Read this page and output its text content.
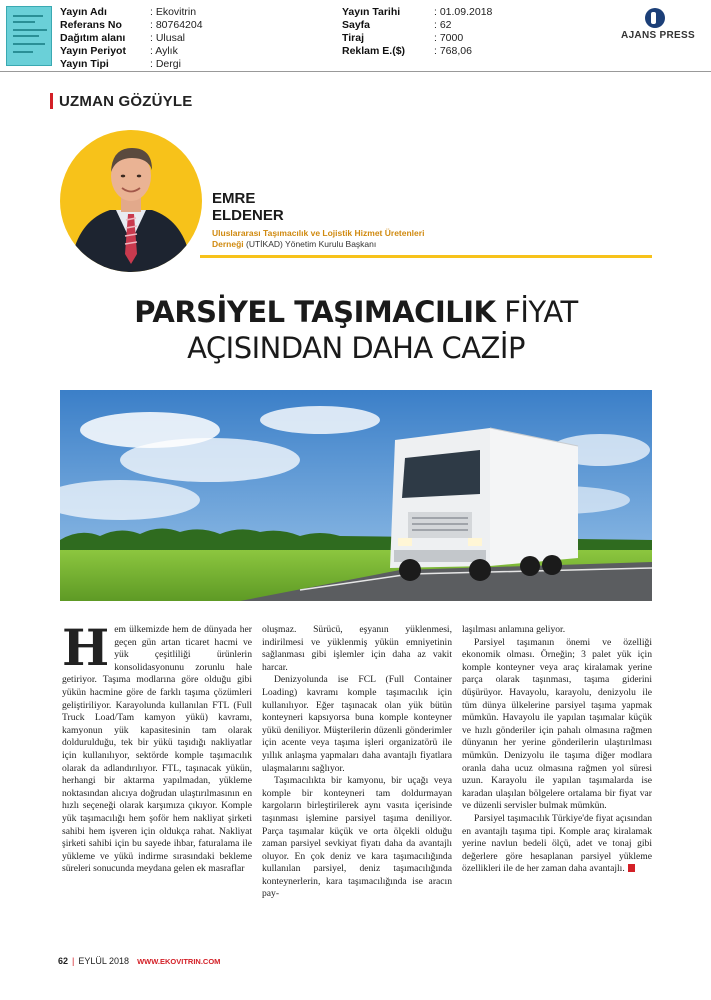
Yayın Adı	: Ekovitrin
Referans No	: 80764204
Dağıtım alanı	: Ulusal
Yayın Periyot	: Aylık
Yayın Tipi	: Dergi
Yayın Tarihi	: 01.09.2018
Sayfa	: 62
Tiraj	: 7000
Reklam E.($)	: 768,06
AJANS PRESS
UZMAN GÖZÜYLE
EMRE
ELDENER
Uluslararası Taşımacılık ve Lojistik Hizmet Üretenleri Derneği (UTİKAD) Yönetim Kurulu Başkanı
PARSİYEL TAŞIMACILIK FİYAT
AÇISINDAN DAHA CAZİP

Hem ülkemizde hem de dünyada her geçen gün artan ticaret hacmi ve yük çeşitliliği ürünlerin konsolidasyonunu zorunlu hale getiriyor. Taşıma modlarına göre olduğu gibi yükün hacmine göre de farklı taşıma çözümleri geliştiriliyor. Karayolunda kullanılan FTL (Full Truck Load/Tam kamyon yükü) kavramı, kamyonun yük kapasitesinin tam olarak doldurulduğu, tek bir yükü taşıdığı nakliyatlar için kullanılıyor, sektörde komple taşımacılık olarak da adlandırılıyor. FTL, taşınacak yükün, herhangi bir aktarma yapılmadan, yükleme noktasından alıcıya doğrudan ulaştırılmasının en hızlı seçeneği olarak karşımıza çıkıyor. Komple yük taşımacılığı hem şoför hem nakliyat şirketi sahibi hem işveren için oldukça rahat. Nakliyat şirketi sahibi için bu sayede ihbar, faturalama ile yükleme ve yükü indirme sırasındaki bekleme süreleri sonucunda meydana gelen ek masraflar

oluşmaz. Sürücü, eşyanın yüklenmesi, indirilmesi ve yüklenmiş yükün emniyetinin sağlanması gibi işlemler için daha az vakit harcar.

Denizyolunda ise FCL (Full Container Loading) kavramı komple taşımacılık için kullanılıyor. Eğer taşınacak olan yük bütün konteyneri kapsıyorsa buna komple konteyner yükü deniliyor. Müşterilerin düzenli gönderimler için acente veya taşıma işleri organizatörü ile yıllık anlaşma yapmaları daha avantajlı fiyatlara ulaşmalarını sağlıyor.

Taşımacılıkta bir kamyonu, bir uçağı veya komple bir konteyneri tam doldurmayan kargoların birleştirilerek aynı vasıta içerisinde taşınması işlemine parsiyel taşıma deniliyor. Parça taşımalar küçük ve orta ölçekli olduğu zaman parsiyel sevkiyat fiyatı daha da avantajlı oluyor. En çok deniz ve kara taşımacılığında kullanılan parsiyel, deniz taşımacılığında konteynerlerin, kara taşımacılığında ise aracın pay-

laşılması anlamına geliyor.

Parsiyel taşımanın önemi ve özelliği ekonomik olması. Örneğin; 3 palet yük için komple konteyner veya araç kiralamak yerine parça olarak taşınması, taşıma giderini düşürüyor. Havayolu, karayolu, denizyolu ile tüm dünya ülkelerine parsiyel taşıma yapmak mümkün. Havayolu ile yapılan taşımalar küçük ve hızlı gönderiler için pahalı olmasına rağmen dünyanın her yerine gönderilerin ulaştırılması mümkün. Denizyolu ile taşıma diğer modlara oranla daha ucuz olmasına rağmen yol süresi uzun. Karayolu ile yapılan taşımalarda ise karadan ulaşılan bölgelere ortalama bir fiyat var ve düzenli servisler bulmak mümkün.

Parsiyel taşımacılık Türkiye'de fiyat açısından en avantajlı taşıma tipi. Komple araç kiralamak yerine navlun bedeli ölçü, adet ve tonaj gibi değerlere göre hesaplanan parsiyel yükleme özellikleri ile de her zaman daha avantajlı.

62 | EYLÜL 2018 WWW.EKOVITRIN.COM
